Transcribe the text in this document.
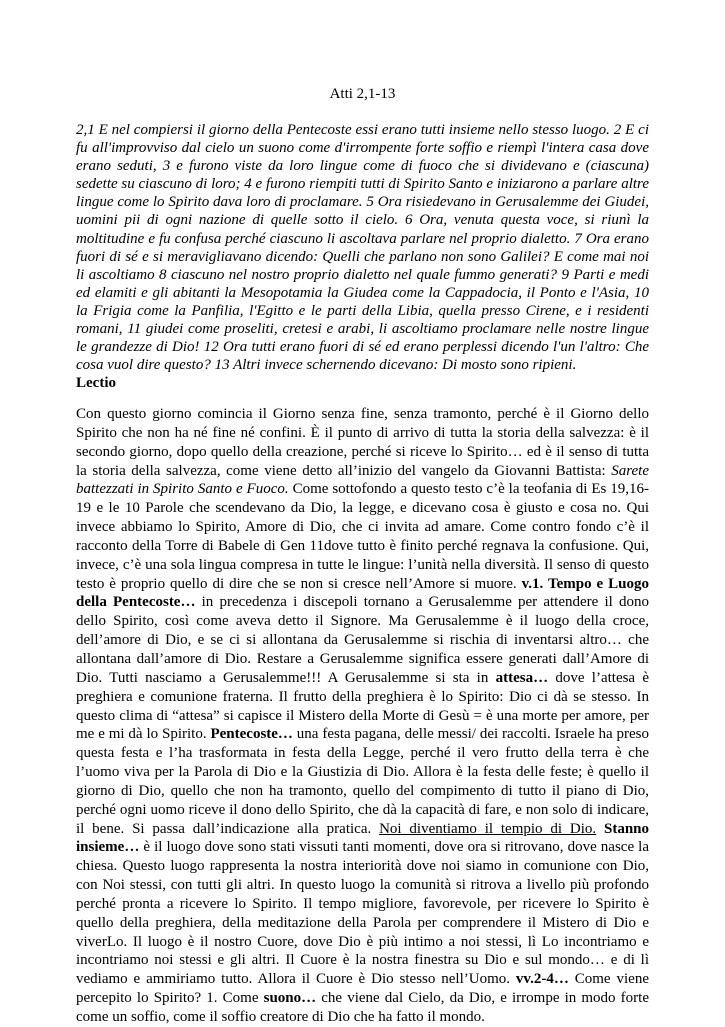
Atti 2,1-13

2,1 E nel compiersi il giorno della Pentecoste essi erano tutti insieme nello stesso luogo. 2 E ci fu all'improvviso dal cielo un suono come d'irrompente forte soffio e riempì l'intera casa dove erano seduti, 3 e furono viste da loro lingue come di fuoco che si dividevano e (ciascuna) sedette su ciascuno di loro; 4 e furono riempiti tutti di Spirito Santo e iniziarono a parlare altre lingue come lo Spirito dava loro di proclamare. 5 Ora risiedevano in Gerusalemme dei Giudei, uomini pii di ogni nazione di quelle sotto il cielo. 6 Ora, venuta questa voce, si riunì la moltitudine e fu confusa perché ciascuno li ascoltava parlare nel proprio dialetto. 7 Ora erano fuori di sé e si meravigliavano dicendo: Quelli che parlano non sono Galilei? E come mai noi li ascoltiamo 8 ciascuno nel nostro proprio dialetto nel quale fummo generati? 9 Parti e medi ed elamiti e gli abitanti la Mesopotamia la Giudea come la Cappadocia, il Ponto e l'Asia, 10 la Frigia come la Panfilia, l'Egitto e le parti della Libia, quella presso Cirene, e i residenti romani, 11 giudei come proseliti, cretesi e arabi, li ascoltiamo proclamare nelle nostre lingue le grandezze di Dio! 12 Ora tutti erano fuori di sé ed erano perplessi dicendo l'un l'altro: Che cosa vuol dire questo? 13 Altri invece schernendo dicevano: Di mosto sono ripieni.

Lectio

Con questo giorno comincia il Giorno senza fine, senza tramonto, perché è il Giorno dello Spirito che non ha né fine né confini. È il punto di arrivo di tutta la storia della salvezza: è il secondo giorno, dopo quello della creazione, perché si riceve lo Spirito… ed è il senso di tutta la storia della salvezza, come viene detto all’inizio del vangelo da Giovanni Battista: Sarete battezzati in Spirito Santo e Fuoco. Come sottofondo a questo testo c’è la teofania di Es 19,16-19 e le 10 Parole che scendevano da Dio, la legge, e dicevano cosa è giusto e cosa no. Qui invece abbiamo lo Spirito, Amore di Dio, che ci invita ad amare. Come contro fondo c’è il racconto della Torre di Babele di Gen 11dove tutto è finito perché regnava la confusione. Qui, invece, c’è una sola lingua compresa in tutte le lingue: l’unità nella diversità. Il senso di questo testo è proprio quello di dire che se non si cresce nell’Amore si muore. v.1. Tempo e Luogo della Pentecoste… in precedenza i discepoli tornano a Gerusalemme per attendere il dono dello Spirito, così come aveva detto il Signore. Ma Gerusalemme è il luogo della croce, dell’amore di Dio, e se ci si allontana da Gerusalemme si rischia di inventarsi altro… che allontana dall’amore di Dio. Restare a Gerusalemme significa essere generati dall’Amore di Dio. Tutti nasciamo a Gerusalemme!!! A Gerusalemme si sta in attesa… dove l’attesa è preghiera e comunione fraterna. Il frutto della preghiera è lo Spirito: Dio ci dà se stesso. In questo clima di “attesa” si capisce il Mistero della Morte di Gesù = è una morte per amore, per me e mi dà lo Spirito. Pentecoste… una festa pagana, delle messi/ dei raccolti. Israele ha preso questa festa e l’ha trasformata in festa della Legge, perché il vero frutto della terra è che l’uomo viva per la Parola di Dio e la Giustizia di Dio. Allora è la festa delle feste; è quello il giorno di Dio, quello che non ha tramonto, quello del compimento di tutto il piano di Dio, perché ogni uomo riceve il dono dello Spirito, che dà la capacità di fare, e non solo di indicare, il bene. Si passa dall’indicazione alla pratica. Noi diventiamo il tempio di Dio. Stanno insieme… è il luogo dove sono stati vissuti tanti momenti, dove ora si ritrovano, dove nasce la chiesa. Questo luogo rappresenta la nostra interiorità dove noi siamo in comunione con Dio, con Noi stessi, con tutti gli altri. In questo luogo la comunità si ritrova a livello più profondo perché pronta a ricevere lo Spirito. Il tempo migliore, favorevole, per ricevere lo Spirito è quello della preghiera, della meditazione della Parola per comprendere il Mistero di Dio e viverLo. Il luogo è il nostro Cuore, dove Dio è più intimo a noi stessi, lì Lo incontriamo e incontriamo noi stessi e gli altri. Il Cuore è la nostra finestra su Dio e sul mondo… e di lì vediamo e ammiriamo tutto. Allora il Cuore è Dio stesso nell’Uomo. vv.2-4… Come viene percepito lo Spirito? 1. Come suono… che viene dal Cielo, da Dio, e irrompe in modo forte come un soffio, come il soffio creatore di Dio che ha fatto il mondo.
